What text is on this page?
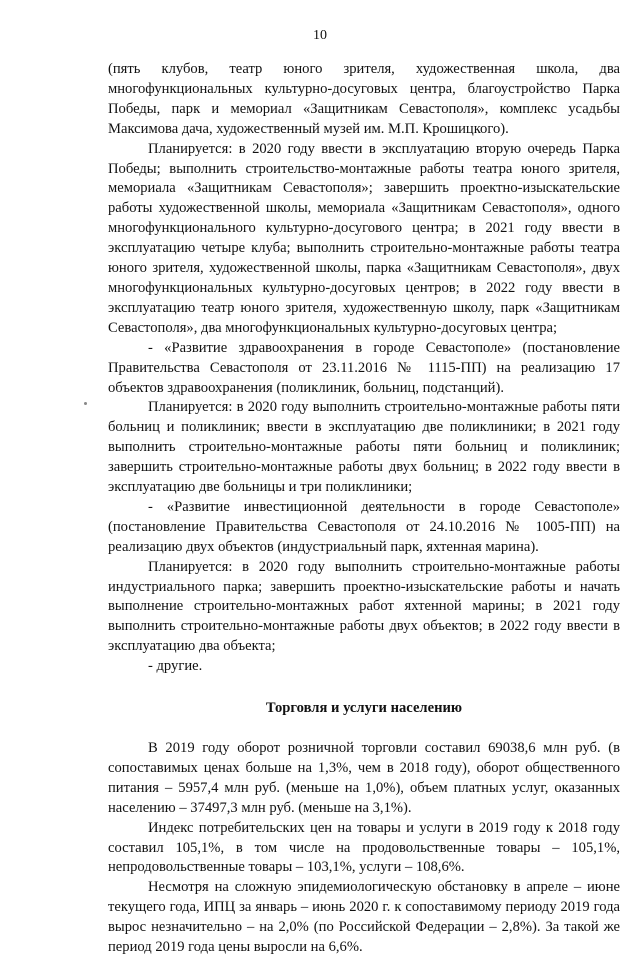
10

(пять клубов, театр юного зрителя, художественная школа, два многофункциональных культурно-досуговых центра, благоустройство Парка Победы, парк и мемориал «Защитникам Севастополя», комплекс усадьбы Максимова дача, художественный музей им. М.П. Крошицкого).

Планируется: в 2020 году ввести в эксплуатацию вторую очередь Парка Победы; выполнить строительство-монтажные работы театра юного зрителя, мемориала «Защитникам Севастополя»; завершить проектно-изыскательские работы художественной школы, мемориала «Защитникам Севастополя», одного многофункционального культурно-досугового центра; в 2021 году ввести в эксплуатацию четыре клуба; выполнить строительно-монтажные работы театра юного зрителя, художественной школы, парка «Защитникам Севастополя», двух многофункциональных культурно-досуговых центров; в 2022 году ввести в эксплуатацию театр юного зрителя, художественную школу, парк «Защитникам Севастополя», два многофункциональных культурно-досуговых центра;

- «Развитие здравоохранения в городе Севастополе» (постановление Правительства Севастополя от 23.11.2016 № 1115-ПП) на реализацию 17 объектов здравоохранения (поликлиник, больниц, подстанций).

Планируется: в 2020 году выполнить строительно-монтажные работы пяти больниц и поликлиник; ввести в эксплуатацию две поликлиники; в 2021 году выполнить строительно-монтажные работы пяти больниц и поликлиник; завершить строительно-монтажные работы двух больниц; в 2022 году ввести в эксплуатацию две больницы и три поликлиники;

- «Развитие инвестиционной деятельности в городе Севастополе» (постановление Правительства Севастополя от 24.10.2016 № 1005-ПП) на реализацию двух объектов (индустриальный парк, яхтенная марина).

Планируется: в 2020 году выполнить строительно-монтажные работы индустриального парка; завершить проектно-изыскательские работы и начать выполнение строительно-монтажных работ яхтенной марины; в 2021 году выполнить строительно-монтажные работы двух объектов; в 2022 году ввести в эксплуатацию два объекта;

- другие.

Торговля и услуги населению

В 2019 году оборот розничной торговли составил 69038,6 млн руб. (в сопоставимых ценах больше на 1,3%, чем в 2018 году), оборот общественного питания – 5957,4 млн руб. (меньше на 1,0%), объем платных услуг, оказанных населению – 37497,3 млн руб. (меньше на 3,1%).

Индекс потребительских цен на товары и услуги в 2019 году к 2018 году составил 105,1%, в том числе на продовольственные товары – 105,1%, непродовольственные товары – 103,1%, услуги – 108,6%.

Несмотря на сложную эпидемиологическую обстановку в апреле – июне текущего года, ИПЦ за январь – июнь 2020 г. к сопоставимому периоду 2019 года вырос незначительно – на 2,0% (по Российской Федерации – 2,8%). За такой же период 2019 года цены выросли на 6,6%.
